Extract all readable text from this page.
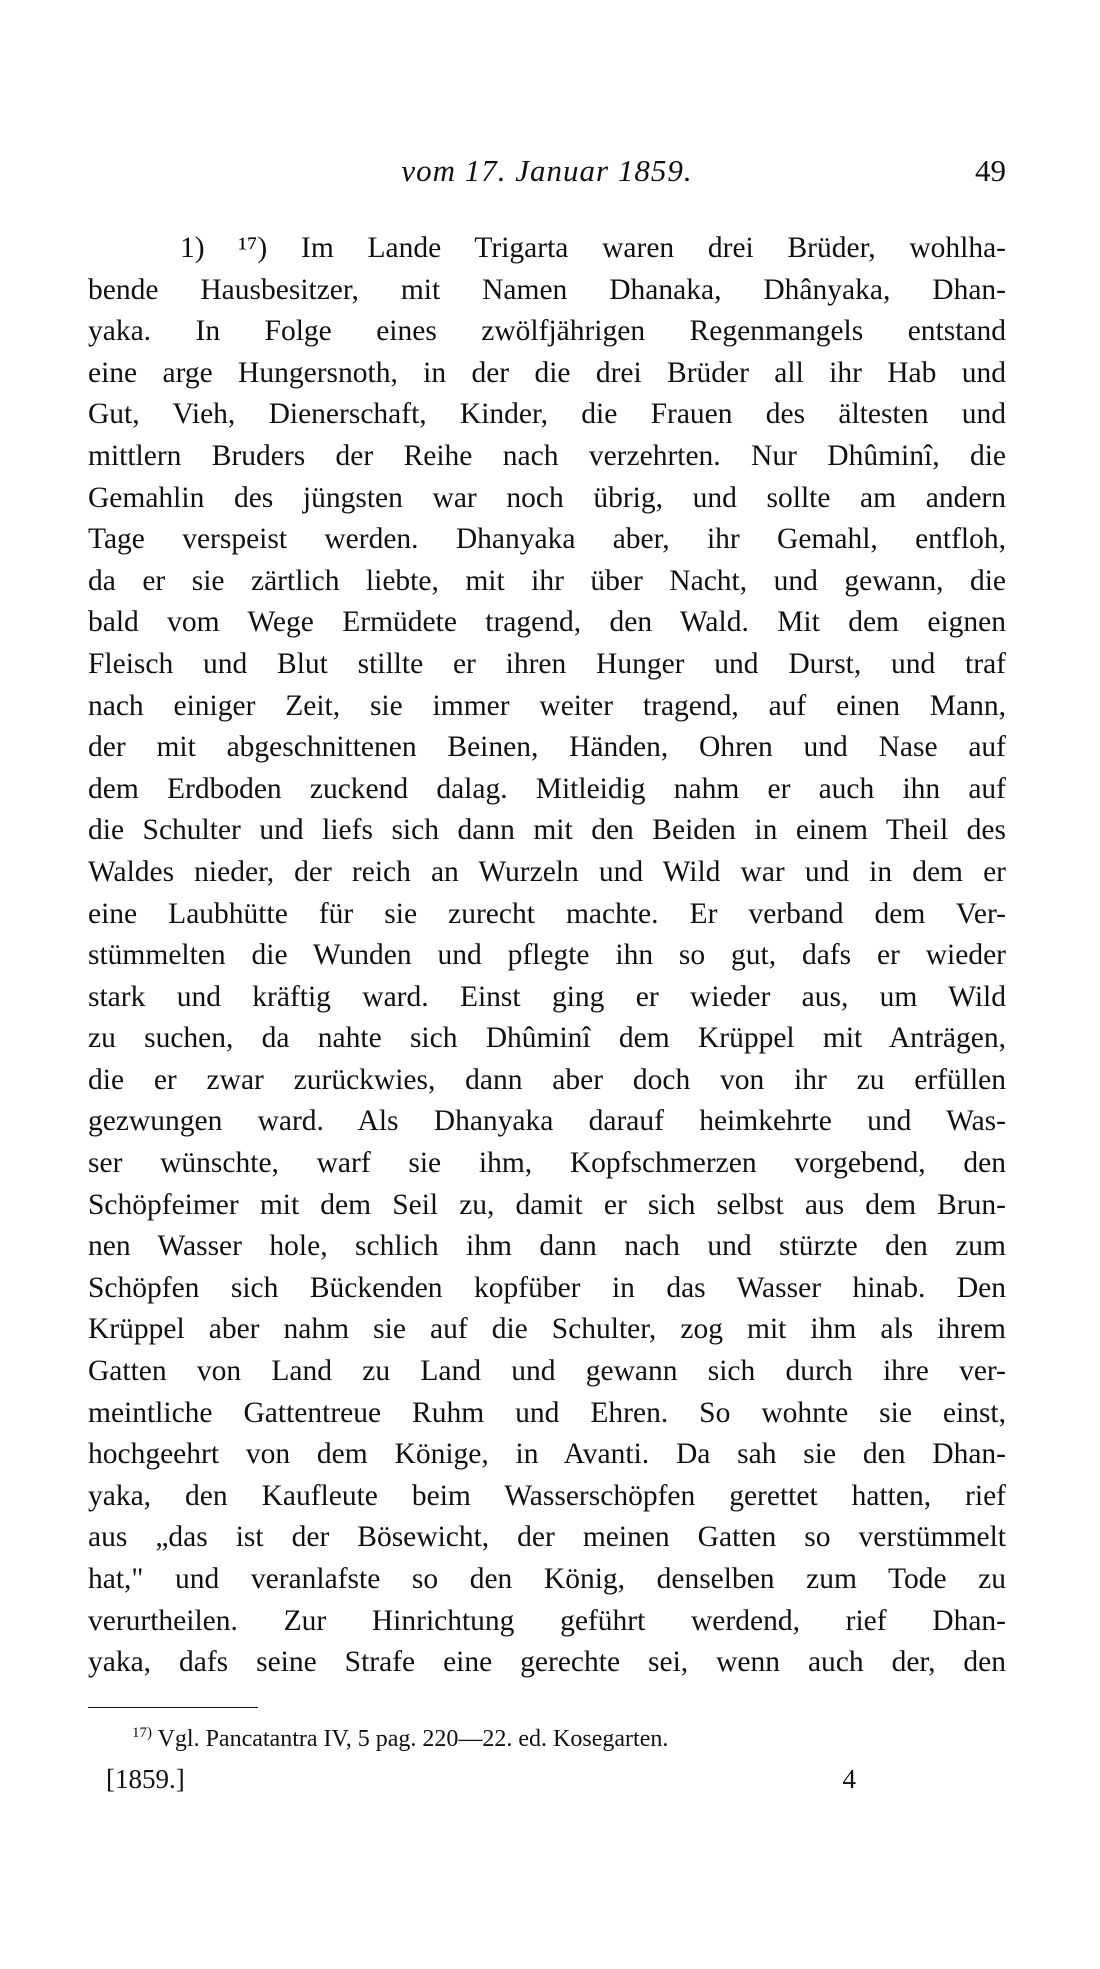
vom 17. Januar 1859.	49
1) ¹⁷) Im Lande Trigarta waren drei Brüder, wohlha-
bende Hausbesitzer, mit Namen Dhanaka, Dhânyaka, Dhan-
yaka. In Folge eines zwölfjährigen Regenmangels entstand
eine arge Hungersnoth, in der die drei Brüder all ihr Hab und
Gut, Vieh, Dienerschaft, Kinder, die Frauen des ältesten und
mittlern Bruders der Reihe nach verzehrten. Nur Dhûminî, die
Gemahlin des jüngsten war noch übrig, und sollte am andern
Tage verspeist werden. Dhanyaka aber, ihr Gemahl, entfloh,
da er sie zärtlich liebte, mit ihr über Nacht, und gewann, die
bald vom Wege Ermüdete tragend, den Wald. Mit dem eignen
Fleisch und Blut stillte er ihren Hunger und Durst, und traf
nach einiger Zeit, sie immer weiter tragend, auf einen Mann,
der mit abgeschnittenen Beinen, Händen, Ohren und Nase auf
dem Erdboden zuckend dalag. Mitleidig nahm er auch ihn auf
die Schulter und liefs sich dann mit den Beiden in einem Theil des
Waldes nieder, der reich an Wurzeln und Wild war und in dem er
eine Laubhütte für sie zurecht machte. Er verband dem Ver-
stümmelten die Wunden und pflegte ihn so gut, dafs er wieder
stark und kräftig ward. Einst ging er wieder aus, um Wild
zu suchen, da nahte sich Dhûminî dem Krüppel mit Anträgen,
die er zwar zurückwies, dann aber doch von ihr zu erfüllen
gezwungen ward. Als Dhanyaka darauf heimkehrte und Was-
ser wünschte, warf sie ihm, Kopfschmerzen vorgebend, den
Schöpfeimer mit dem Seil zu, damit er sich selbst aus dem Brun-
nen Wasser hole, schlich ihm dann nach und stürzte den zum
Schöpfen sich Bückenden kopfüber in das Wasser hinab. Den
Krüppel aber nahm sie auf die Schulter, zog mit ihm als ihrem
Gatten von Land zu Land und gewann sich durch ihre ver-
meintliche Gattentreue Ruhm und Ehren. So wohnte sie einst,
hochgeehrt von dem Könige, in Avanti. Da sah sie den Dhan-
yaka, den Kaufleute beim Wasserschöpfen gerettet hatten, rief
aus „das ist der Bösewicht, der meinen Gatten so verstümmelt
hat," und veranlafste so den König, denselben zum Tode zu
verurtheilen. Zur Hinrichtung geführt werdend, rief Dhan-
yaka, dafs seine Strafe eine gerechte sei, wenn auch der, den
$^{17)}$ Vgl. Pancatantra IV, 5 pag. 220—22. ed. Kosegarten.
[1859.]	4
